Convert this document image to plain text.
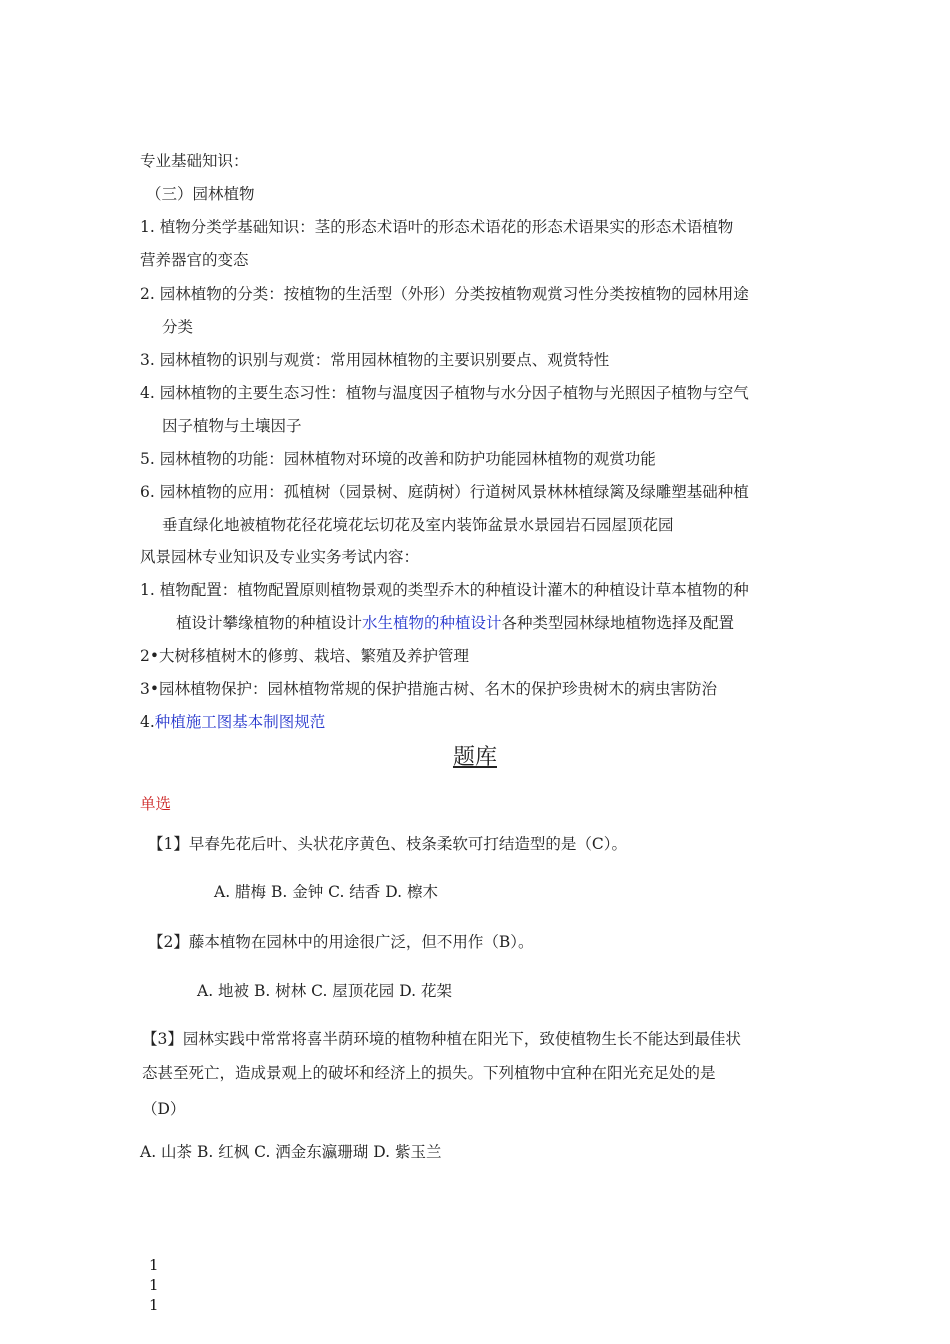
专业基础知识：
（三）园林植物
1. 植物分类学基础知识：茎的形态术语叶的形态术语花的形态术语果实的形态术语植物
营养器官的变态
2. 园林植物的分类：按植物的生活型（外形）分类按植物观赏习性分类按植物的园林用途
分类
3. 园林植物的识别与观赏：常用园林植物的主要识别要点、观赏特性
4. 园林植物的主要生态习性：植物与温度因子植物与水分因子植物与光照因子植物与空气
因子植物与土壤因子
5. 园林植物的功能：园林植物对环境的改善和防护功能园林植物的观赏功能
6. 园林植物的应用：孤植树（园景树、庭荫树）行道树风景林林植绿篱及绿雕塑基础种植
垂直绿化地被植物花径花境花坛切花及室内装饰盆景水景园岩石园屋顶花园
风景园林专业知识及专业实务考试内容：
1. 植物配置：植物配置原则植物景观的类型乔木的种植设计灌木的种植设计草本植物的种
植设计攀缘植物的种植设计水生植物的种植设计各种类型园林绿地植物选择及配置
2•大树移植树木的修剪、栽培、繁殖及养护管理
3•园林植物保护：园林植物常规的保护措施古树、名木的保护珍贵树木的病虫害防治
4.种植施工图基本制图规范
题库
单选
【1】早春先花后叶、头状花序黄色、枝条柔软可打结造型的是（C）。
A. 腊梅 B. 金钟 C. 结香 D. 檫木
【2】藤本植物在园林中的用途很广泛，但不用作（B）。
A. 地被 B. 树林 C. 屋顶花园 D. 花架
【3】园林实践中常常将喜半荫环境的植物种植在阳光下，致使植物生长不能达到最佳状
态甚至死亡，造成景观上的破坏和经济上的损失。下列植物中宜种在阳光充足处的是
（D）
A. 山茶 B. 红枫 C. 洒金东瀛珊瑚 D. 紫玉兰
1
1
1
